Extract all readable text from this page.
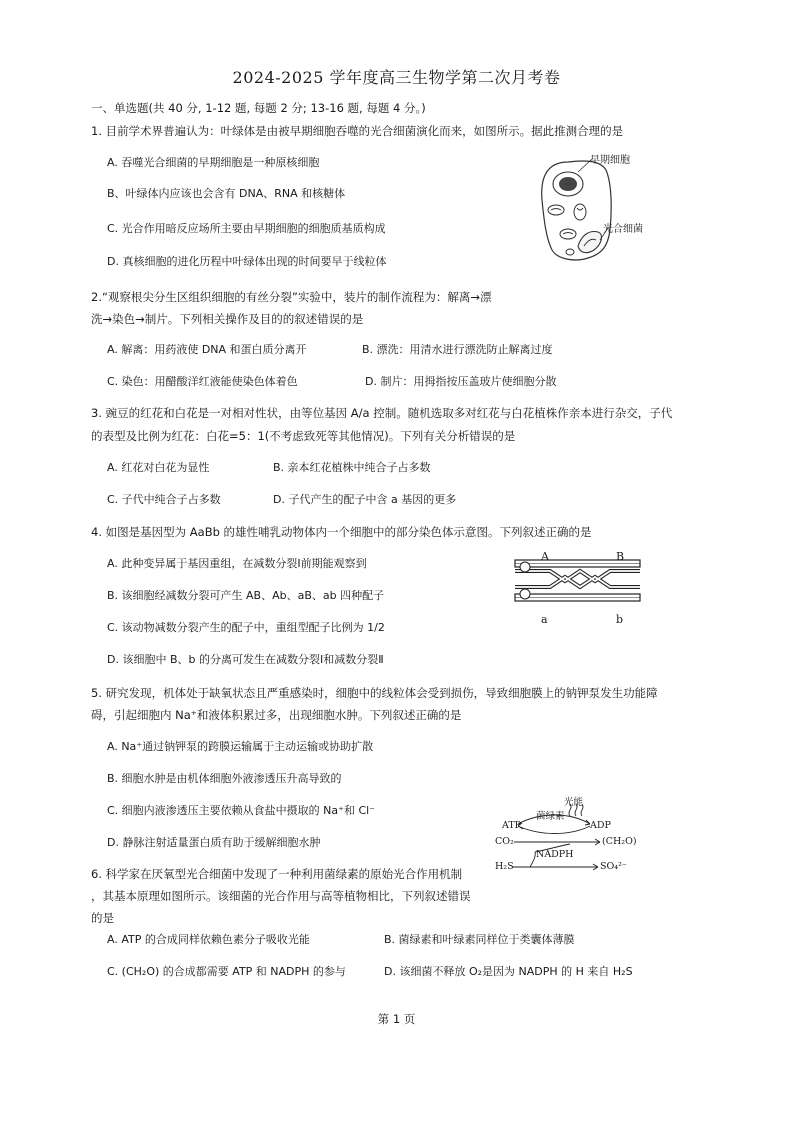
2024-2025 学年度高三生物学第二次月考卷
一、单选题(共 40 分, 1-12 题, 每题 2 分; 13-16 题, 每题 4 分。)
1. 目前学术界普遍认为：叶绿体是由被早期细胞吞噬的光合细菌演化而来，如图所示。据此推测合理的是
A. 吞噬光合细菌的早期细胞是一种原核细胞
B、叶绿体内应该也会含有 DNA、RNA 和核糖体
C. 光合作用暗反应场所主要由早期细胞的细胞质基质构成
D. 真核细胞的进化历程中叶绿体出现的时间要早于线粒体
早期细胞
光合细菌
2.“观察根尖分生区组织细胞的有丝分裂”实验中，装片的制作流程为：解离→漂
洗→染色→制片。下列相关操作及目的的叙述错误的是
A. 解离：用药液使 DNA 和蛋白质分离开	B. 漂洗：用清水进行漂洗防止解离过度
C. 染色：用醋酸洋红液能使染色体着色	D. 制片：用拇指按压盖玻片使细胞分散
3. 豌豆的红花和白花是一对相对性状，由等位基因 A/a 控制。随机选取多对红花与白花植株作亲本进行杂交，子代
的表型及比例为红花：白花=5：1(不考虑致死等其他情况)。下列有关分析错误的是
A. 红花对白花为显性	B. 亲本红花植株中纯合子占多数
C. 子代中纯合子占多数	D. 子代产生的配子中含 a 基因的更多
4. 如图是基因型为 AaBb 的雄性哺乳动物体内一个细胞中的部分染色体示意图。下列叙述正确的是
A. 此种变异属于基因重组，在减数分裂Ⅰ前期能观察到
B. 该细胞经减数分裂可产生 AB、Ab、aB、ab 四种配子
C. 该动物减数分裂产生的配子中，重组型配子比例为 1/2
D. 该细胞中 B、b 的分离可发生在减数分裂Ⅰ和减数分裂Ⅱ
A	B
a	b
5. 研究发现，机体处于缺氧状态且严重感染时，细胞中的线粒体会受到损伤，导致细胞膜上的钠钾泵发生功能障
碍，引起细胞内 Na⁺和液体积累过多，出现细胞水肿。下列叙述正确的是
A. Na⁺通过钠钾泵的跨膜运输属于主动运输或协助扩散
B. 细胞水肿是由机体细胞外液渗透压升高导致的
C. 细胞内液渗透压主要依赖从食盐中摄取的 Na⁺和 Cl⁻
D. 静脉注射适量蛋白质有助于缓解细胞水肿
光能
菌绿素
ATP	ADP
CO₂	(CH₂O)
NADPH
H₂S	SO₄²⁻
6. 科学家在厌氧型光合细菌中发现了一种利用菌绿素的原始光合作用机制
，其基本原理如图所示。该细菌的光合作用与高等植物相比，下列叙述错误
的是
A. ATP 的合成同样依赖色素分子吸收光能	B. 菌绿素和叶绿素同样位于类囊体薄膜
C. (CH₂O) 的合成都需要 ATP 和 NADPH 的参与	D. 该细菌不释放 O₂是因为 NADPH 的 H 来自 H₂S
第 1 页
